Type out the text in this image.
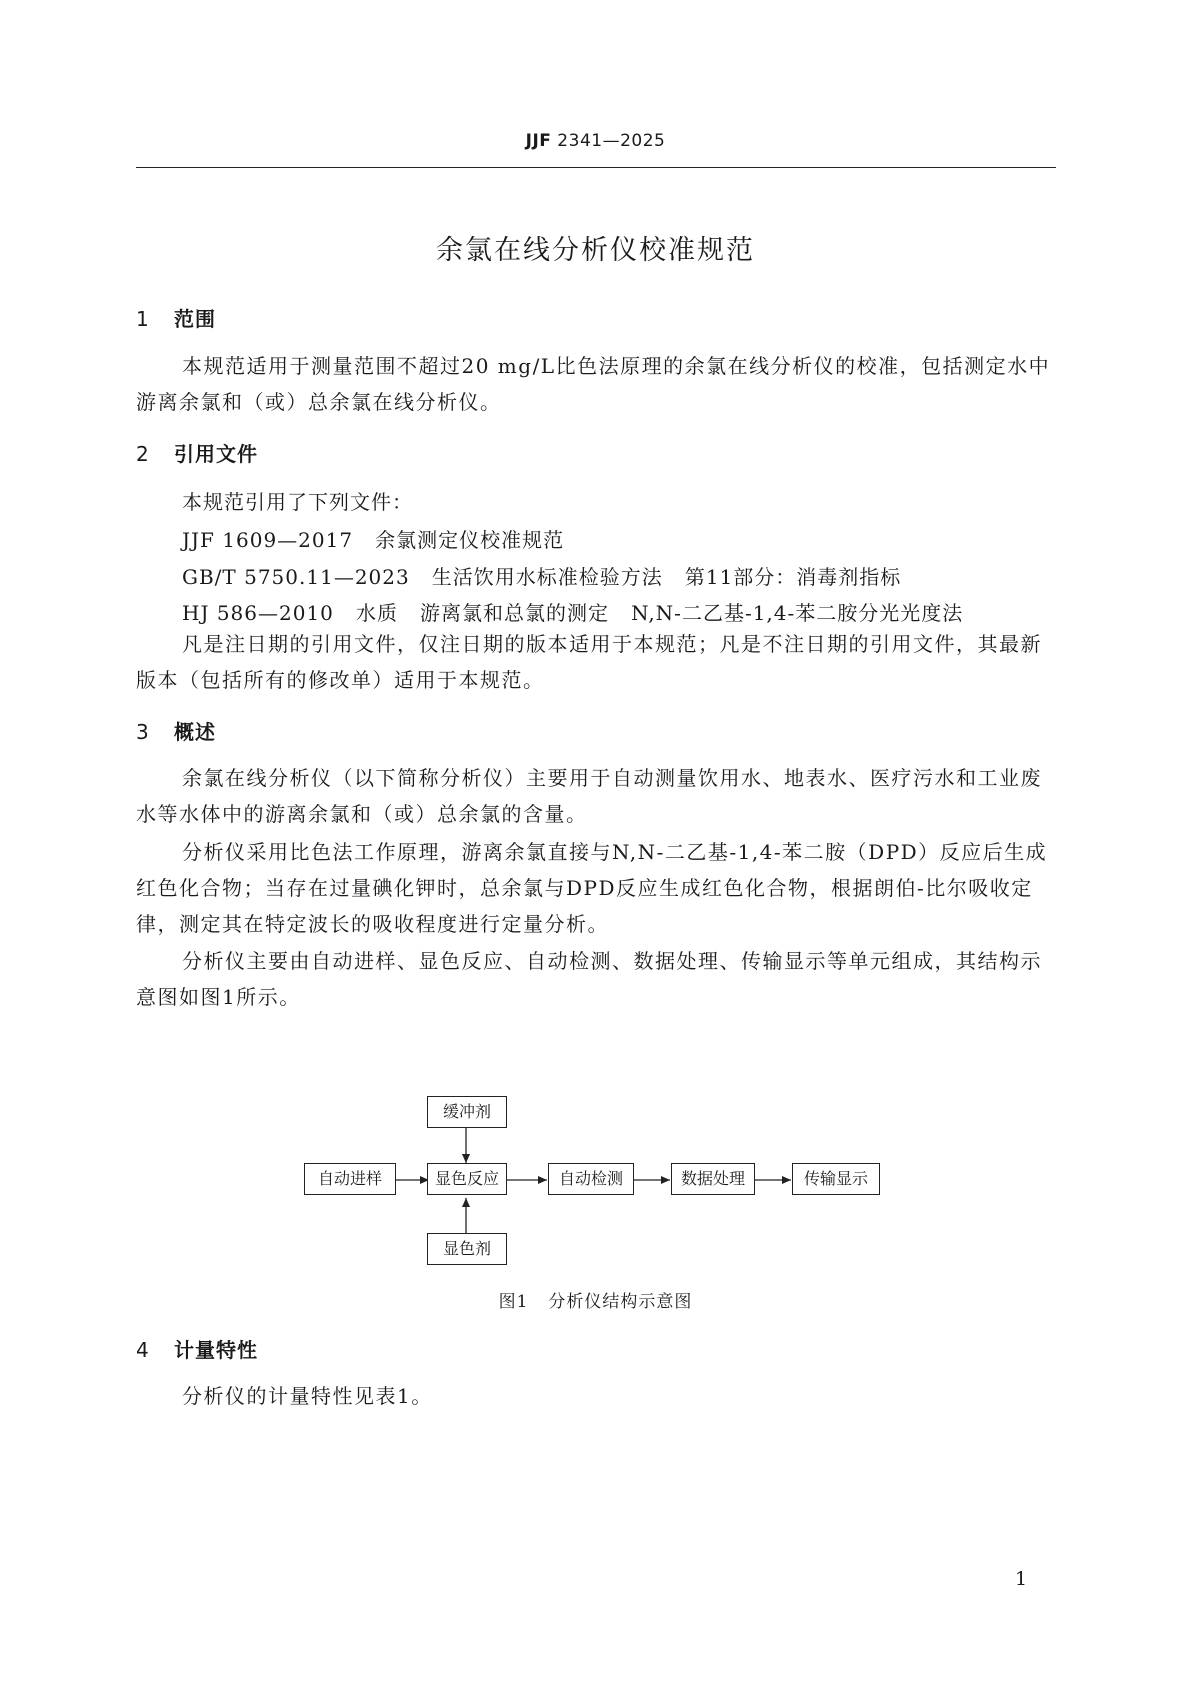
JJF 2341—2025
余氯在线分析仪校准规范
1 范围
本规范适用于测量范围不超过20 mg/L比色法原理的余氯在线分析仪的校准，包括测定水中游离余氯和（或）总余氯在线分析仪。
2 引用文件
本规范引用了下列文件：
JJF 1609—2017   余氯测定仪校准规范
GB/T 5750.11—2023   生活饮用水标准检验方法   第11部分：消毒剂指标
HJ 586—2010   水质   游离氯和总氯的测定   N,N-二乙基-1,4-苯二胺分光光度法
凡是注日期的引用文件，仅注日期的版本适用于本规范；凡是不注日期的引用文件，其最新版本（包括所有的修改单）适用于本规范。
3 概述
余氯在线分析仪（以下简称分析仪）主要用于自动测量饮用水、地表水、医疗污水和工业废水等水体中的游离余氯和（或）总余氯的含量。
分析仪采用比色法工作原理，游离余氯直接与N,N-二乙基-1,4-苯二胺（DPD）反应后生成红色化合物；当存在过量碘化钾时，总余氯与DPD反应生成红色化合物，根据朗伯-比尔吸收定律，测定其在特定波长的吸收程度进行定量分析。
分析仪主要由自动进样、显色反应、自动检测、数据处理、传输显示等单元组成，其结构示意图如图1所示。
缓冲剂
自动进样	显色反应	自动检测	数据处理	传输显示
显色剂
图1 分析仪结构示意图
4 计量特性
分析仪的计量特性见表1。
1
